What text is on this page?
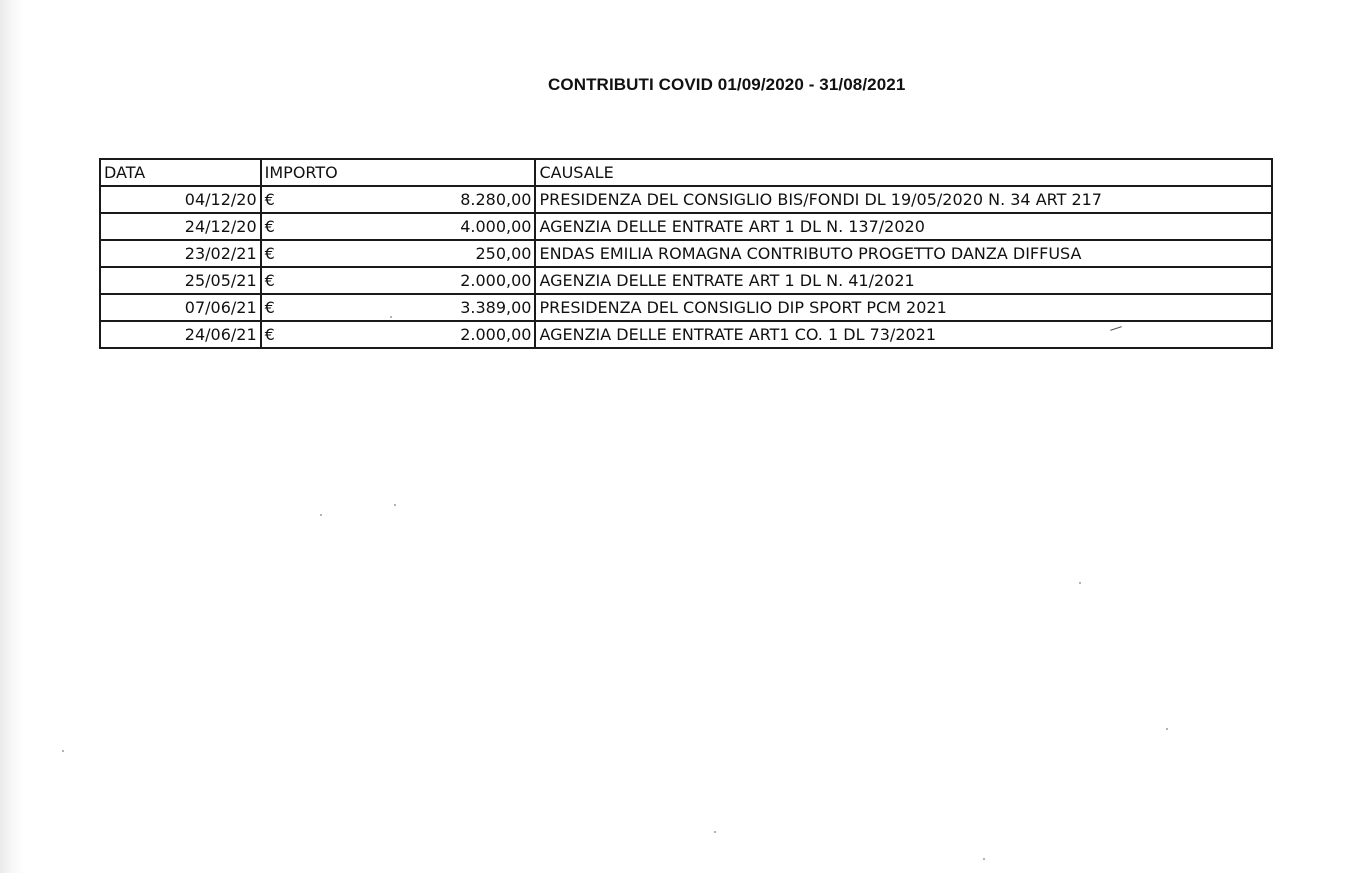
CONTRIBUTI COVID 01/09/2020 - 31/08/2021
DATA	IMPORTO	CAUSALE
04/12/20	€ 8.280,00	PRESIDENZA DEL CONSIGLIO BIS/FONDI DL 19/05/2020 N. 34 ART 217
24/12/20	€ 4.000,00	AGENZIA DELLE ENTRATE ART 1 DL N. 137/2020
23/02/21	€ 250,00	ENDAS EMILIA ROMAGNA CONTRIBUTO PROGETTO DANZA DIFFUSA
25/05/21	€ 2.000,00	AGENZIA DELLE ENTRATE ART 1 DL N. 41/2021
07/06/21	€ 3.389,00	PRESIDENZA DEL CONSIGLIO DIP SPORT PCM 2021
24/06/21	€ 2.000,00	AGENZIA DELLE ENTRATE ART1 CO. 1 DL 73/2021
